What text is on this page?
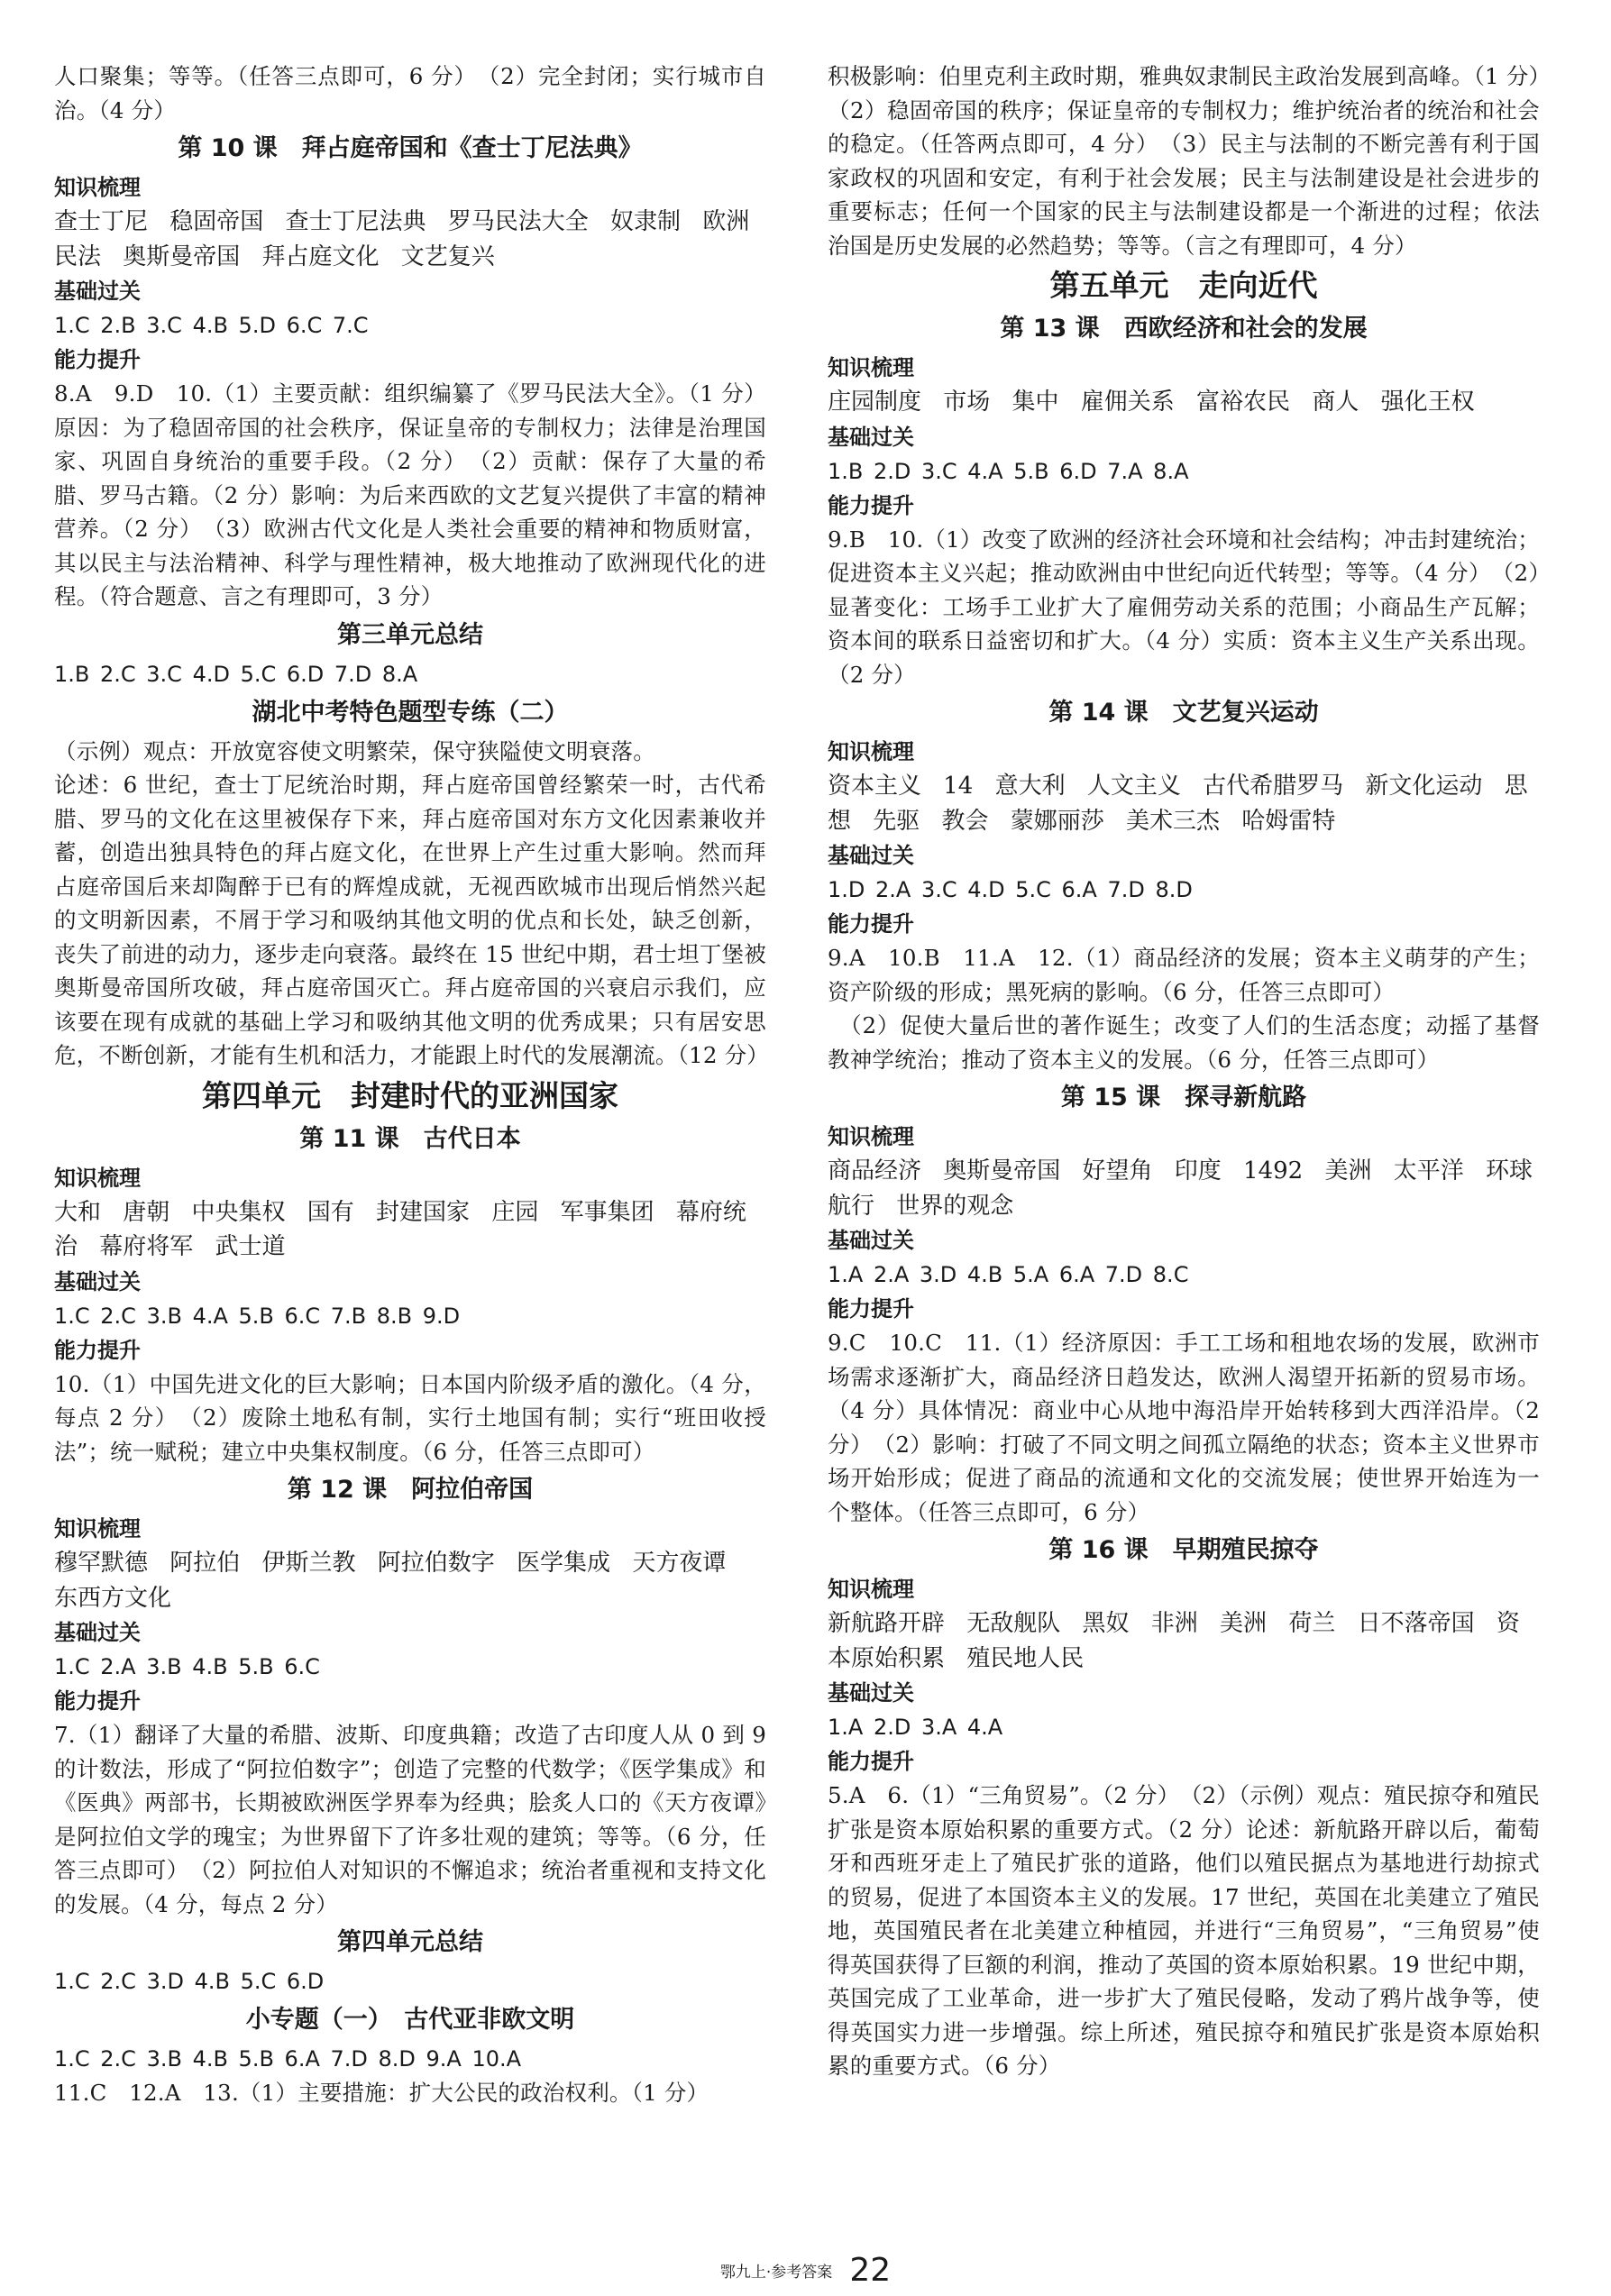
人口聚集；等等。（任答三点即可，6 分）　（2）完全封闭；实行城市自治。（4 分）

第 10 课　拜占庭帝国和《查士丁尼法典》

知识梳理

查士丁尼 稳固帝国 查士丁尼法典 罗马民法大全 奴隶制 欧洲民法 奥斯曼帝国 拜占庭文化 文艺复兴

基础过关

1.C 2.B 3.C 4.B 5.D 6.C 7.C

能力提升

8.A　9.D　10.（1）主要贡献：组织编纂了《罗马民法大全》。（1 分）原因：为了稳固帝国的社会秩序，保证皇帝的专制权力；法律是治理国家、巩固自身统治的重要手段。（2 分）　（2）贡献：保存了大量的希腊、罗马古籍。（2 分）影响：为后来西欧的文艺复兴提供了丰富的精神营养。（2 分）　（3）欧洲古代文化是人类社会重要的精神和物质财富，其以民主与法治精神、科学与理性精神，极大地推动了欧洲现代化的进程。（符合题意、言之有理即可，3 分）

第三单元总结

1.B 2.C 3.C 4.D 5.C 6.D 7.D 8.A

湖北中考特色题型专练（二）

（示例）观点：开放宽容使文明繁荣，保守狭隘使文明衰落。

论述：6 世纪，查士丁尼统治时期，拜占庭帝国曾经繁荣一时，古代希腊、罗马的文化在这里被保存下来，拜占庭帝国对东方文化因素兼收并蓄，创造出独具特色的拜占庭文化，在世界上产生过重大影响。然而拜占庭帝国后来却陶醉于已有的辉煌成就，无视西欧城市出现后悄然兴起的文明新因素，不屑于学习和吸纳其他文明的优点和长处，缺乏创新，丧失了前进的动力，逐步走向衰落。最终在 15 世纪中期，君士坦丁堡被奥斯曼帝国所攻破，拜占庭帝国灭亡。拜占庭帝国的兴衰启示我们，应该要在现有成就的基础上学习和吸纳其他文明的优秀成果；只有居安思危，不断创新，才能有生机和活力，才能跟上时代的发展潮流。（12 分）

第四单元　封建时代的亚洲国家

第 11 课　古代日本

知识梳理

大和 唐朝 中央集权 国有 封建国家 庄园 军事集团 幕府统治 幕府将军 武士道

基础过关

1.C 2.C 3.B 4.A 5.B 6.C 7.B 8.B 9.D

能力提升

10.（1）中国先进文化的巨大影响；日本国内阶级矛盾的激化。（4 分，每点 2 分）　（2）废除土地私有制，实行土地国有制；实行“班田收授法”；统一赋税；建立中央集权制度。（6 分，任答三点即可）

第 12 课　阿拉伯帝国

知识梳理

穆罕默德 阿拉伯 伊斯兰教 阿拉伯数字 医学集成 天方夜谭 东西方文化

基础过关

1.C 2.A 3.B 4.B 5.B 6.C

能力提升

7.（1）翻译了大量的希腊、波斯、印度典籍；改造了古印度人从 0 到 9 的计数法，形成了“阿拉伯数字”；创造了完整的代数学；《医学集成》和《医典》两部书，长期被欧洲医学界奉为经典；脍炙人口的《天方夜谭》是阿拉伯文学的瑰宝；为世界留下了许多壮观的建筑；等等。（6 分，任答三点即可）　（2）阿拉伯人对知识的不懈追求；统治者重视和支持文化的发展。（4 分，每点 2 分）

第四单元总结

1.C 2.C 3.D 4.B 5.C 6.D

小专题（一）　古代亚非欧文明

1.C 2.C 3.B 4.B 5.B 6.A 7.D 8.D 9.A 10.A

11.C　12.A　13.（1）主要措施：扩大公民的政治权利。（1 分）

积极影响：伯里克利主政时期，雅典奴隶制民主政治发展到高峰。（1 分）　（2）稳固帝国的秩序；保证皇帝的专制权力；维护统治者的统治和社会的稳定。（任答两点即可，4 分）　（3）民主与法制的不断完善有利于国家政权的巩固和安定，有利于社会发展；民主与法制建设是社会进步的重要标志；任何一个国家的民主与法制建设都是一个渐进的过程；依法治国是历史发展的必然趋势；等等。（言之有理即可，4 分）

第五单元　走向近代

第 13 课　西欧经济和社会的发展

知识梳理

庄园制度 市场 集中 雇佣关系 富裕农民 商人 强化王权

基础过关

1.B 2.D 3.C 4.A 5.B 6.D 7.A 8.A

能力提升

9.B　10.（1）改变了欧洲的经济社会环境和社会结构；冲击封建统治；促进资本主义兴起；推动欧洲由中世纪向近代转型；等等。（4 分）　（2）显著变化：工场手工业扩大了雇佣劳动关系的范围；小商品生产瓦解；资本间的联系日益密切和扩大。（4 分）实质：资本主义生产关系出现。（2 分）

第 14 课　文艺复兴运动

知识梳理

资本主义 14 意大利 人文主义 古代希腊罗马 新文化运动 思想 先驱 教会 蒙娜丽莎 美术三杰 哈姆雷特

基础过关

1.D 2.A 3.C 4.D 5.C 6.A 7.D 8.D

能力提升

9.A　10.B　11.A　12.（1）商品经济的发展；资本主义萌芽的产生；资产阶级的形成；黑死病的影响。（6 分，任答三点即可）

　（2）促使大量后世的著作诞生；改变了人们的生活态度；动摇了基督教神学统治；推动了资本主义的发展。（6 分，任答三点即可）

第 15 课　探寻新航路

知识梳理

商品经济 奥斯曼帝国 好望角 印度 1492 美洲 太平洋 环球航行 世界的观念

基础过关

1.A 2.A 3.D 4.B 5.A 6.A 7.D 8.C

能力提升

9.C　10.C　11.（1）经济原因：手工工场和租地农场的发展，欧洲市场需求逐渐扩大，商品经济日趋发达，欧洲人渴望开拓新的贸易市场。（4 分）具体情况：商业中心从地中海沿岸开始转移到大西洋沿岸。（2 分）　（2）影响：打破了不同文明之间孤立隔绝的状态；资本主义世界市场开始形成；促进了商品的流通和文化的交流发展；使世界开始连为一个整体。（任答三点即可，6 分）

第 16 课　早期殖民掠夺

知识梳理

新航路开辟 无敌舰队 黑奴 非洲 美洲 荷兰 日不落帝国 资本原始积累 殖民地人民

基础过关

1.A 2.D 3.A 4.A

能力提升

5.A　6.（1）“三角贸易”。（2 分）　（2）（示例）观点：殖民掠夺和殖民扩张是资本原始积累的重要方式。（2 分）论述：新航路开辟以后，葡萄牙和西班牙走上了殖民扩张的道路，他们以殖民据点为基地进行劫掠式的贸易，促进了本国资本主义的发展。17 世纪，英国在北美建立了殖民地，英国殖民者在北美建立种植园，并进行“三角贸易”，“三角贸易”使得英国获得了巨额的利润，推动了英国的资本原始积累。19 世纪中期，英国完成了工业革命，进一步扩大了殖民侵略，发动了鸦片战争等，使得英国实力进一步增强。综上所述，殖民掠夺和殖民扩张是资本原始积累的重要方式。（6 分）

鄂九上·参考答案 22
